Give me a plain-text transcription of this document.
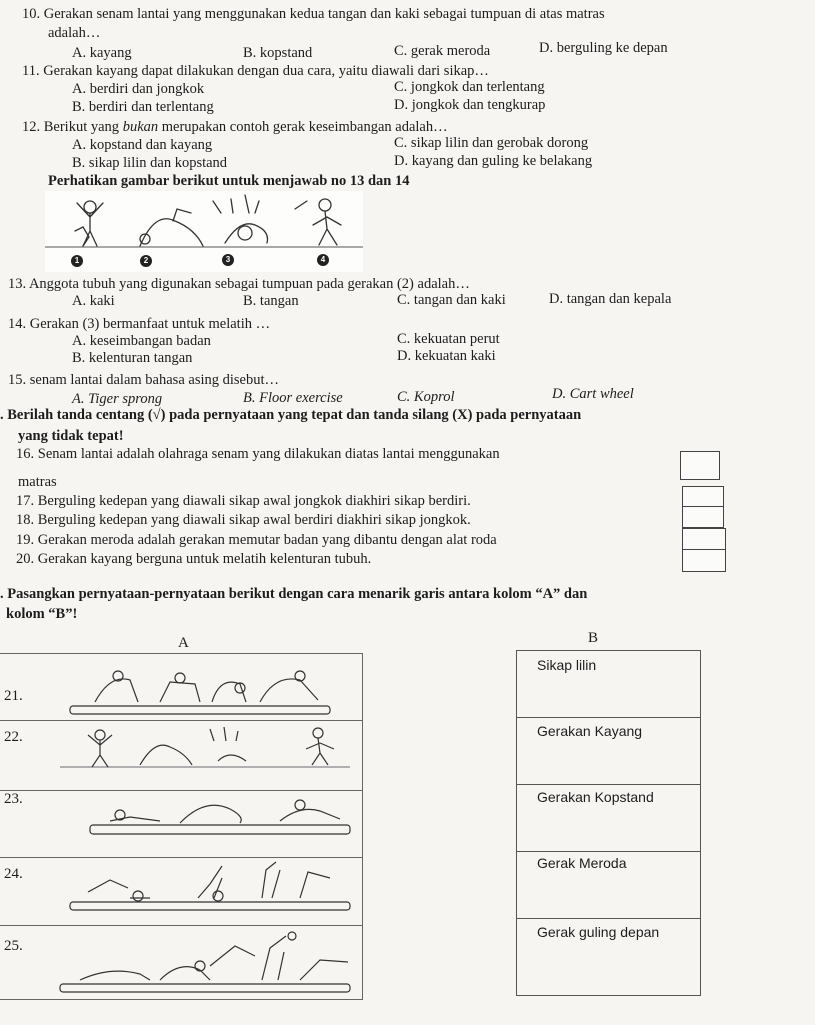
10. Gerakan senam lantai yang menggunakan kedua tangan dan kaki sebagai tumpuan di atas matras
adalah…
A. kayang	B. kopstand	C. gerak meroda	D. berguling ke depan
11. Gerakan kayang dapat dilakukan dengan dua cara, yaitu diawali dari sikap…
A. berdiri dan jongkok	C. jongkok dan terlentang
B. berdiri dan terlentang	D. jongkok dan tengkurap
12. Berikut yang bukan merupakan contoh gerak keseimbangan adalah…
A. kopstand dan kayang	C. sikap lilin dan gerobak dorong
B. sikap lilin dan kopstand	D. kayang dan guling ke belakang
Perhatikan gambar berikut untuk menjawab no 13 dan 14
1	2	3	4
13. Anggota tubuh yang digunakan sebagai tumpuan pada gerakan (2) adalah…
A. kaki	B. tangan	C. tangan dan kaki	D. tangan dan kepala
14. Gerakan (3) bermanfaat untuk melatih …
A. keseimbangan badan	C. kekuatan perut
B. kelenturan tangan	D. kekuatan kaki
15. senam lantai dalam bahasa asing disebut…
A. Tiger sprong	B. Floor exercise	C. Koprol	D. Cart wheel
. Berilah tanda centang (√) pada pernyataan yang tepat dan tanda silang (X) pada pernyataan
yang tidak tepat!
16. Senam lantai adalah olahraga senam yang dilakukan diatas lantai menggunakan
matras
17. Berguling kedepan yang diawali sikap awal jongkok diakhiri sikap berdiri.
18. Berguling kedepan yang diawali sikap awal berdiri diakhiri sikap jongkok.
19. Gerakan meroda adalah gerakan memutar badan yang dibantu dengan alat roda
20. Gerakan kayang berguna untuk melatih kelenturan tubuh.
. Pasangkan pernyataan-pernyataan berikut dengan cara menarik garis antara kolom “A” dan
kolom “B”!
A	B
21.
22.
23.
24.
25.
Sikap lilin
Gerakan Kayang
Gerakan Kopstand
Gerak Meroda
Gerak guling depan
